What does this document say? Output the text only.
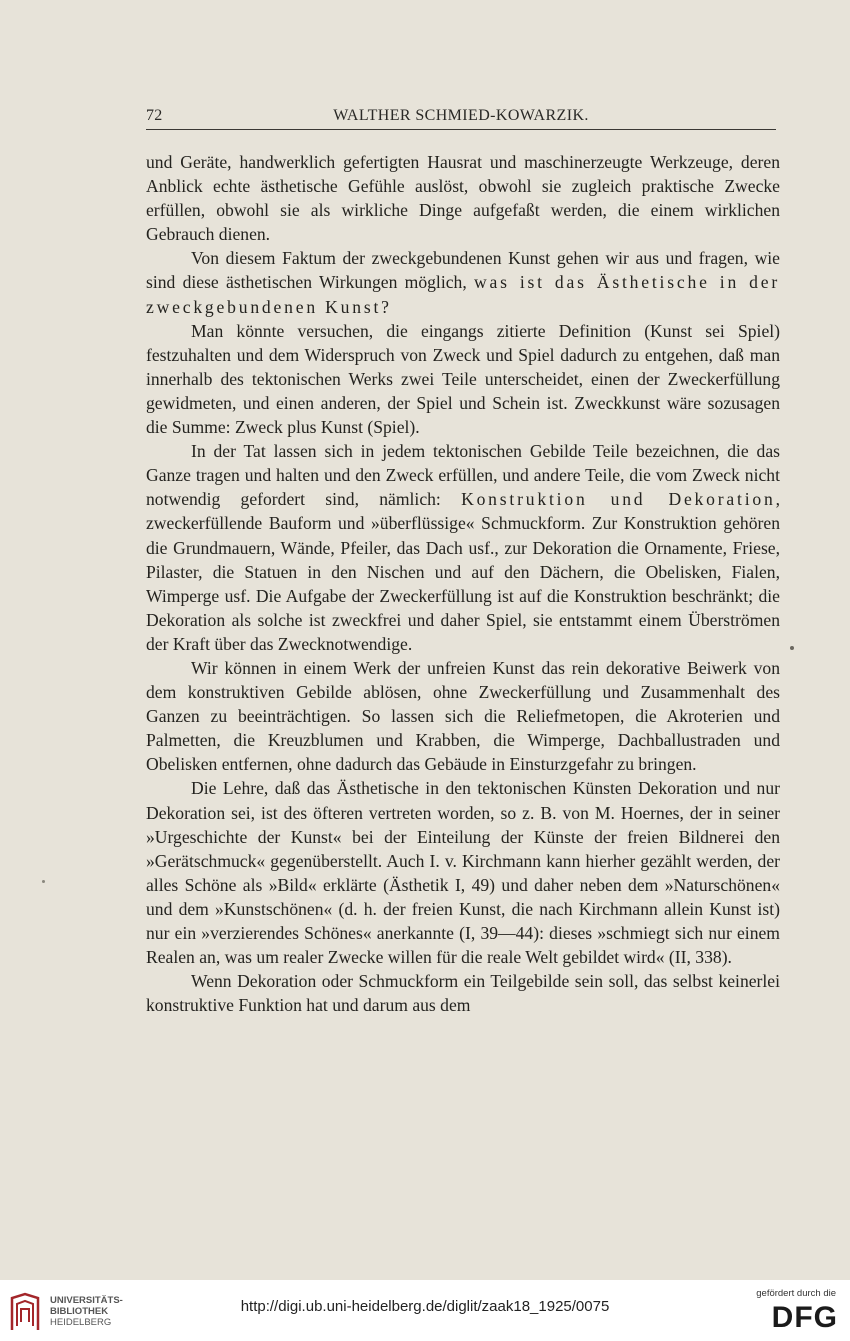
72	WALTHER SCHMIED-KOWARZIK.

und Geräte, handwerklich gefertigten Hausrat und maschinerzeugte Werkzeuge, deren Anblick echte ästhetische Gefühle auslöst, obwohl sie zugleich praktische Zwecke erfüllen, obwohl sie als wirkliche Dinge aufgefaßt werden, die einem wirklichen Gebrauch dienen.

Von diesem Faktum der zweckgebundenen Kunst gehen wir aus und fragen, wie sind diese ästhetischen Wirkungen möglich, was ist das Ästhetische in der zweckgebundenen Kunst?

Man könnte versuchen, die eingangs zitierte Definition (Kunst sei Spiel) festzuhalten und dem Widerspruch von Zweck und Spiel dadurch zu entgehen, daß man innerhalb des tektonischen Werks zwei Teile unterscheidet, einen der Zweckerfüllung gewidmeten, und einen anderen, der Spiel und Schein ist. Zweckkunst wäre sozusagen die Summe: Zweck plus Kunst (Spiel).

In der Tat lassen sich in jedem tektonischen Gebilde Teile bezeichnen, die das Ganze tragen und halten und den Zweck erfüllen, und andere Teile, die vom Zweck nicht notwendig gefordert sind, nämlich: Konstruktion und Dekoration, zweckerfüllende Bauform und »überflüssige« Schmuckform. Zur Konstruktion gehören die Grundmauern, Wände, Pfeiler, das Dach usf., zur Dekoration die Ornamente, Friese, Pilaster, die Statuen in den Nischen und auf den Dächern, die Obelisken, Fialen, Wimperge usf. Die Aufgabe der Zweckerfüllung ist auf die Konstruktion beschränkt; die Dekoration als solche ist zweckfrei und daher Spiel, sie entstammt einem Überströmen der Kraft über das Zwecknotwendige.

Wir können in einem Werk der unfreien Kunst das rein dekorative Beiwerk von dem konstruktiven Gebilde ablösen, ohne Zweckerfüllung und Zusammenhalt des Ganzen zu beeinträchtigen. So lassen sich die Reliefmetopen, die Akroterien und Palmetten, die Kreuzblumen und Krabben, die Wimperge, Dachballustraden und Obelisken entfernen, ohne dadurch das Gebäude in Einsturzgefahr zu bringen.

Die Lehre, daß das Ästhetische in den tektonischen Künsten Dekoration und nur Dekoration sei, ist des öfteren vertreten worden, so z. B. von M. Hoernes, der in seiner »Urgeschichte der Kunst« bei der Einteilung der Künste der freien Bildnerei den »Gerätschmuck« gegenüberstellt. Auch I. v. Kirchmann kann hierher gezählt werden, der alles Schöne als »Bild« erklärte (Ästhetik I, 49) und daher neben dem »Naturschönen« und dem »Kunstschönen« (d. h. der freien Kunst, die nach Kirchmann allein Kunst ist) nur ein »verzierendes Schönes« anerkannte (I, 39—44): dieses »schmiegt sich nur einem Realen an, was um realer Zwecke willen für die reale Welt gebildet wird« (II, 338).

Wenn Dekoration oder Schmuckform ein Teilgebilde sein soll, das selbst keinerlei konstruktive Funktion hat und darum aus dem

UNIVERSITÄTS-
BIBLIOTHEK
HEIDELBERG
http://digi.ub.uni-heidelberg.de/diglit/zaak18_1925/0075
gefördert durch die
DFG
